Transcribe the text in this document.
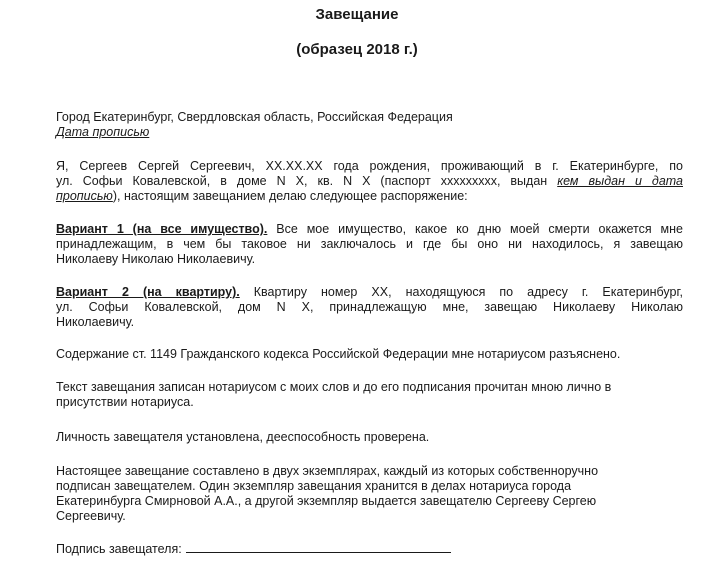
Завещание

(образец 2018 г.)

Город Екатеринбург, Свердловская область, Российская Федерация

Дата прописью

Я, Сергеев Сергей Сергеевич, ХХ.ХХ.ХХ года рождения, проживающий в г. Екатеринбурге, по

ул. Софьи Ковалевской, в доме N Х, кв. N Х (паспорт ххххххххх, выдан кем выдан и дата

прописью), настоящим завещанием делаю следующее распоряжение:

Вариант 1 (на все имущество). Все мое имущество, какое ко дню моей смерти окажется мне

принадлежащим, в чем бы таковое ни заключалось и где бы оно ни находилось, я завещаю

Николаеву Николаю Николаевичу.

Вариант 2 (на квартиру). Квартиру номер ХХ, находящуюся по адресу г. Екатеринбург,

ул. Софьи Ковалевской, дом N Х, принадлежащую мне, завещаю Николаеву Николаю

Николаевичу.

Содержание ст. 1149 Гражданского кодекса Российской Федерации мне нотариусом разъяснено.

Текст завещания записан нотариусом с моих слов и до его подписания прочитан мною лично в

присутствии нотариуса.

Личность завещателя установлена, дееспособность проверена.

Настоящее завещание составлено в двух экземплярах, каждый из которых собственноручно

подписан завещателем. Один экземпляр завещания хранится в делах нотариуса города

Екатеринбурга Смирновой А.А., а другой экземпляр выдается завещателю Сергееву Сергею

Сергеевичу.

Подпись завещателя:
